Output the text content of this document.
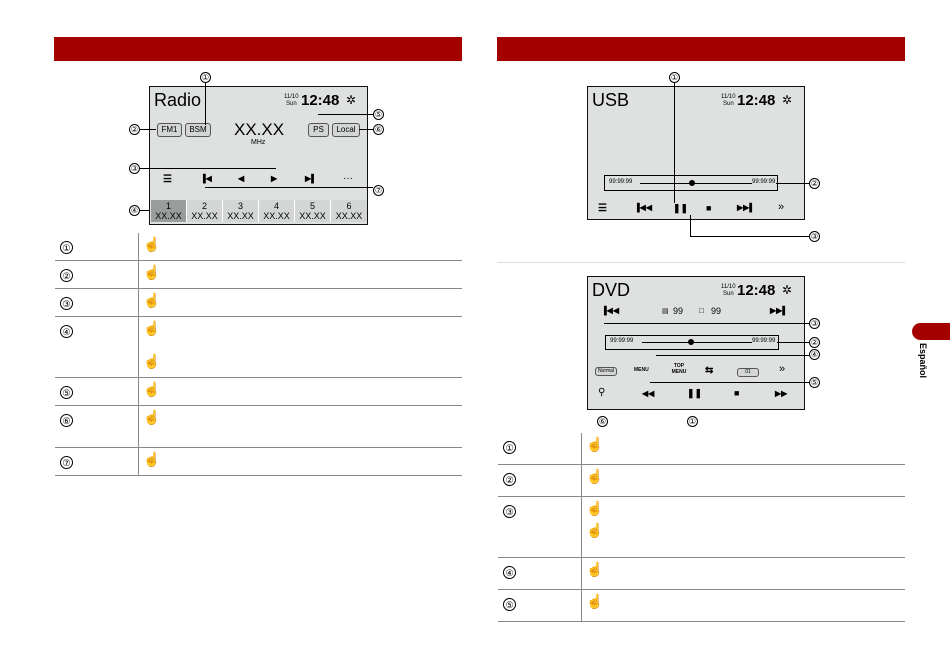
Radio	11/10
Sun 12:48 ✲
FM1	BSM XX.XX
MHz
PS	Local
☰	▐◀	◀	▶	▶▌	···
1
XX.XX
2
XX.XX
3
XX.XX
4
XX.XX
5
XX.XX
6
XX.XX
①
②
③
④
⑤
⑥
⑦
①	☝

②	☝

③	☝

④	☝
☝

⑤	☝

⑥	☝

⑦	☝
USB	11/10
Sun 12:48 ✲
99:99:99	99:99:99
☰	▐◀◀ ❚❚ ■	▶▶▌ »
①
②
③
DVD	11/10
Sun 12:48 ✲
▐◀◀	▤ 99 □ 99	▶▶▌
99:99:99	99:99:99
Normal	MENU
TOP MENU ⇆	01	»
⚲	◀◀	❚❚	■	▶▶
③
②
④
⑤
⑥	①
①	☝

②	☝

③	☝
☝

④	☝

⑤	☝
Español
